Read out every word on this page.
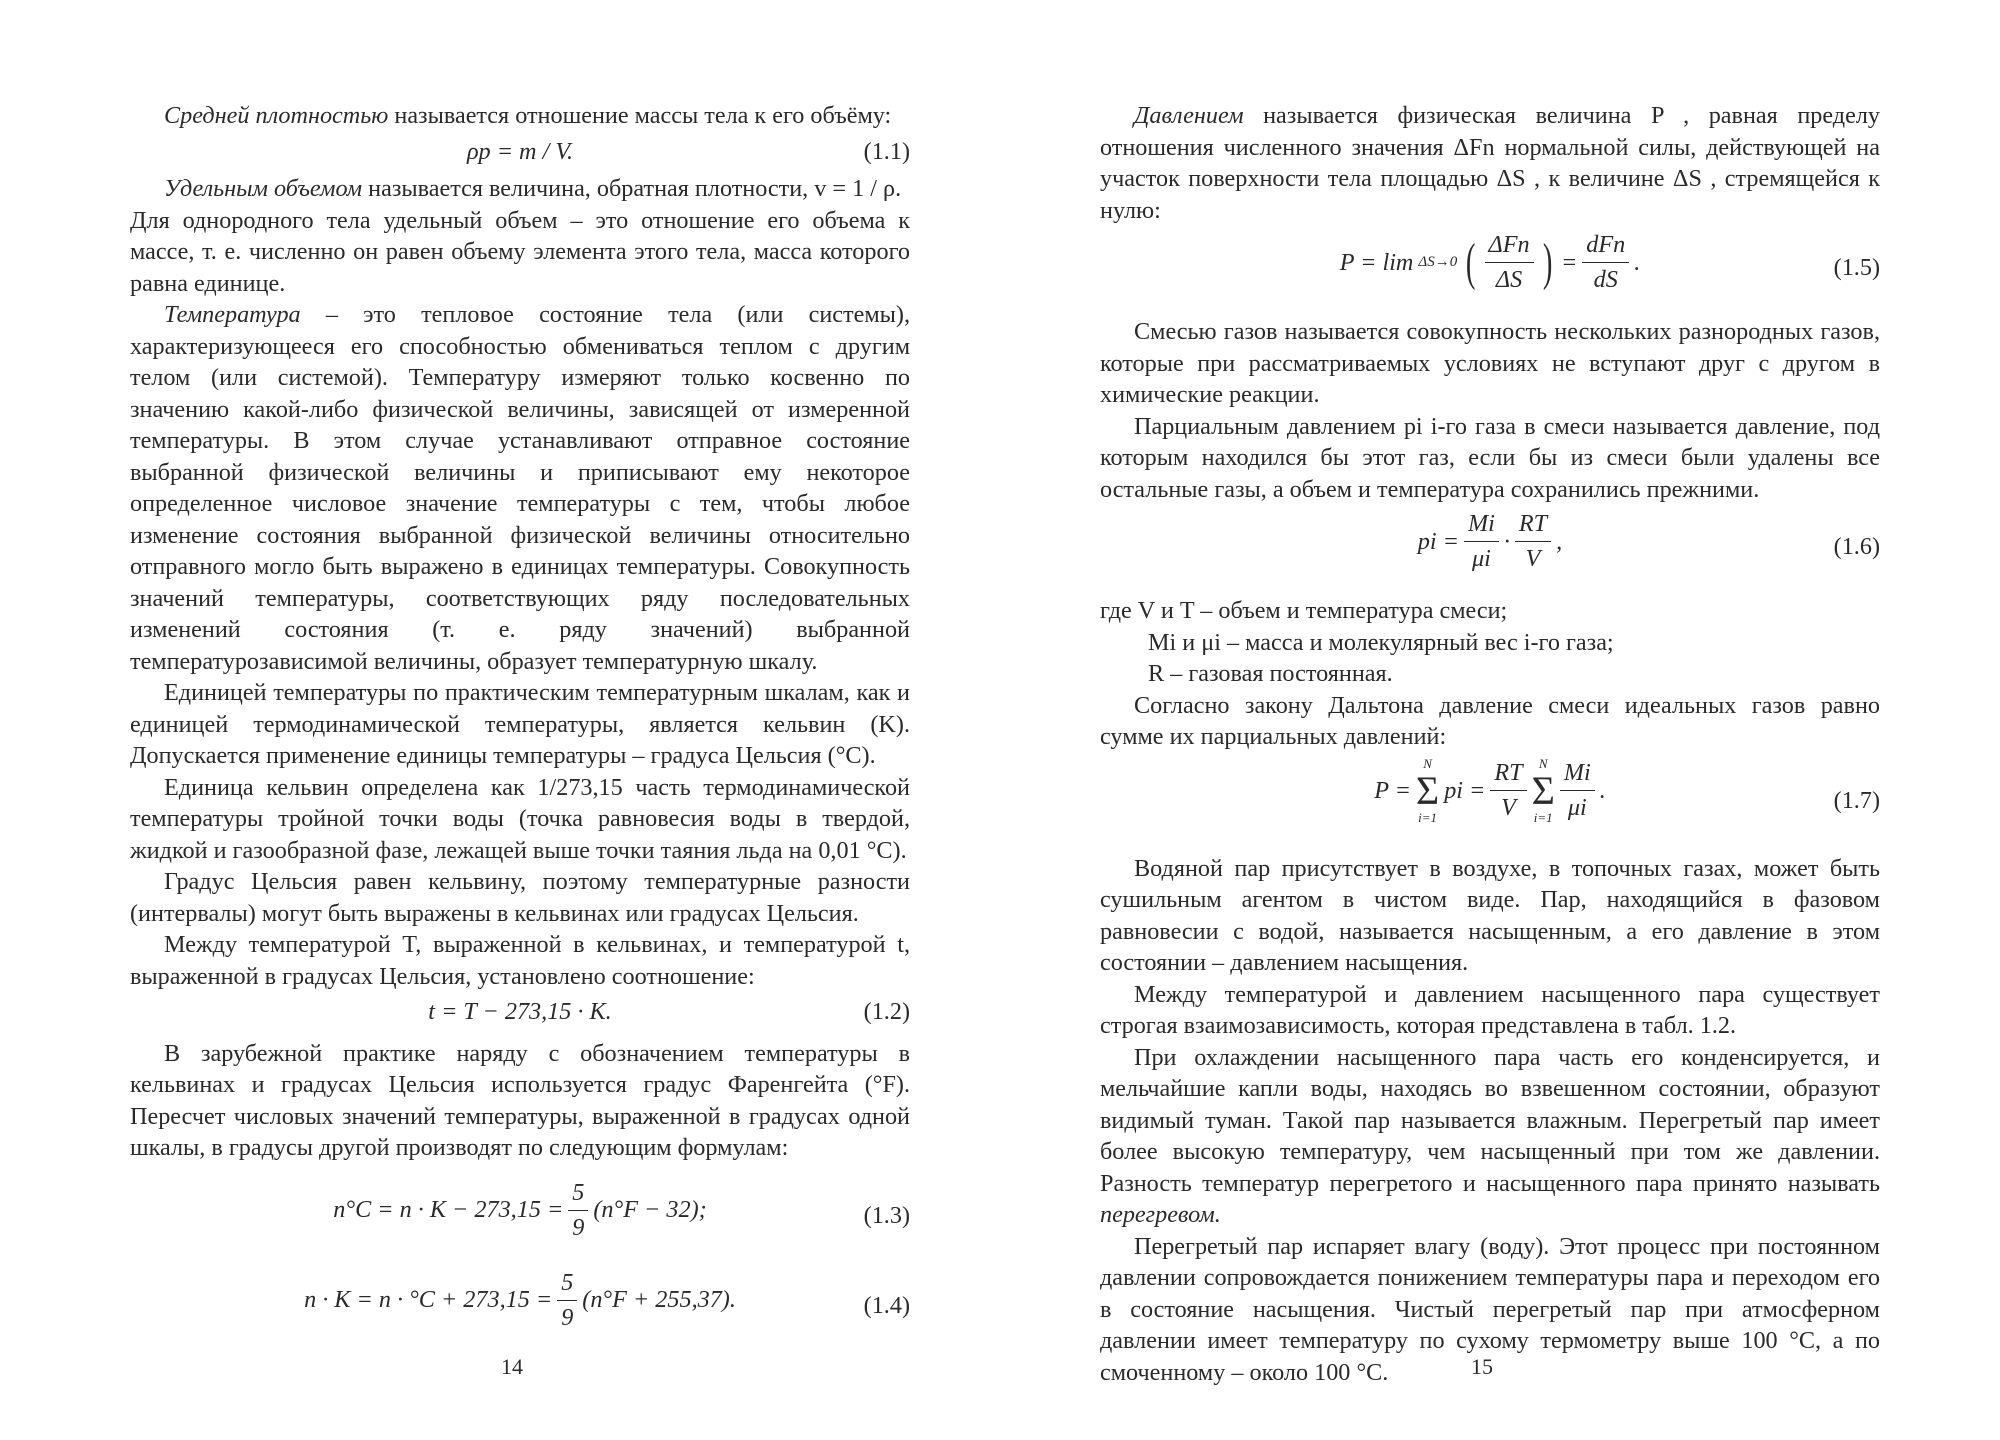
Средней плотностью называется отношение массы тела к его объёму:

ρp = m / V.	(1.1)

Удельным объемом называется величина, обратная плотности, v = 1 / ρ.

Для однородного тела удельный объем – это отношение его объема к массе, т. е. численно он равен объему элемента этого тела, масса которого равна единице.

Температура – это тепловое состояние тела (или системы), характеризующееся его способностью обмениваться теплом с другим телом (или системой). Температуру измеряют только косвенно по значению какой-либо физической величины, зависящей от измеренной температуры. В этом случае устанавливают отправное состояние выбранной физической величины и приписывают ему некоторое определенное числовое значение температуры с тем, чтобы любое изменение состояния выбранной физической величины относительно отправного могло быть выражено в единицах температуры. Совокупность значений температуры, соответствующих ряду последовательных изменений состояния (т. е. ряду значений) выбранной температурозависимой величины, образует температурную шкалу.

Единицей температуры по практическим температурным шкалам, как и единицей термодинамической температуры, является кельвин (K). Допускается применение единицы температуры – градуса Цельсия (°C).

Единица кельвин определена как 1/273,15 часть термодинамической температуры тройной точки воды (точка равновесия воды в твердой, жидкой и газообразной фазе, лежащей выше точки таяния льда на 0,01 °C).

Градус Цельсия равен кельвину, поэтому температурные разности (интервалы) могут быть выражены в кельвинах или градусах Цельсия.

Между температурой T, выраженной в кельвинах, и температурой t, выраженной в градусах Цельсия, установлено соотношение:

t = T − 273,15 · K.	(1.2)

В зарубежной практике наряду с обозначением температуры в кельвинах и градусах Цельсия используется градус Фаренгейта (°F). Пересчет числовых значений температуры, выраженной в градусах одной шкалы, в градусы другой производят по следующим формулам:

$n^\circ C = n \cdot K - 273,15 = \frac{5}{9} (n^\circ F - 32)$;	(1.3)
$n \cdot K = n \cdot ^\circ C + 273,15 = \frac{5}{9} (n^\circ F + 255,37)$.	(1.4)
14

Давлением называется физическая величина P , равная пределу отношения численного значения ΔFn нормальной силы, действующей на участок поверхности тела площадью ΔS , к величине ΔS , стремящейся к нулю:

P = lim ΔS→0 ( $\frac{\text{ΔFn}}{\Delta S}$ ) = $\frac{\text{dFn}}{dS}$ .	(1.5)

Смесью газов называется совокупность нескольких разнородных газов, которые при рассматриваемых условиях не вступают друг с другом в химические реакции.

Парциальным давлением pi i-го газа в смеси называется давление, под которым находился бы этот газ, если бы из смеси были удалены все остальные газы, а объем и температура сохранились прежними.

pi = $\frac{Mi}{\mu i} \cdot \frac{RT}{V}$ ,	(1.6)
где V и T – объем и температура смеси;
Mi и μi – масса и молекулярный вес i-го газа;
R – газовая постоянная.

Согласно закону Дальтона давление смеси идеальных газов равно сумме их парциальных давлений:

P =
N
Σ
i=1
pi = $\frac{RT}{V}$ N
Σ
$i=1 \frac{Mi}{\mu i}$ .	(1.7)

Водяной пар присутствует в воздухе, в топочных газах, может быть сушильным агентом в чистом виде. Пар, находящийся в фазовом равновесии с водой, называется насыщенным, а его давление в этом состоянии – давлением насыщения.

Между температурой и давлением насыщенного пара существует строгая взаимозависимость, которая представлена в табл. 1.2.

При охлаждении насыщенного пара часть его конденсируется, и мельчайшие капли воды, находясь во взвешенном состоянии, образуют видимый туман. Такой пар называется влажным. Перегретый пар имеет более высокую температуру, чем насыщенный при том же давлении. Разность температур перегретого и насыщенного пара принято называть перегревом.

Перегретый пар испаряет влагу (воду). Этот процесс при постоянном давлении сопровождается понижением температуры пара и переходом его в состояние насыщения. Чистый перегретый пар при атмосферном давлении имеет температуру по сухому термометру выше 100 °C, а по смоченному – около 100 °C.	15
